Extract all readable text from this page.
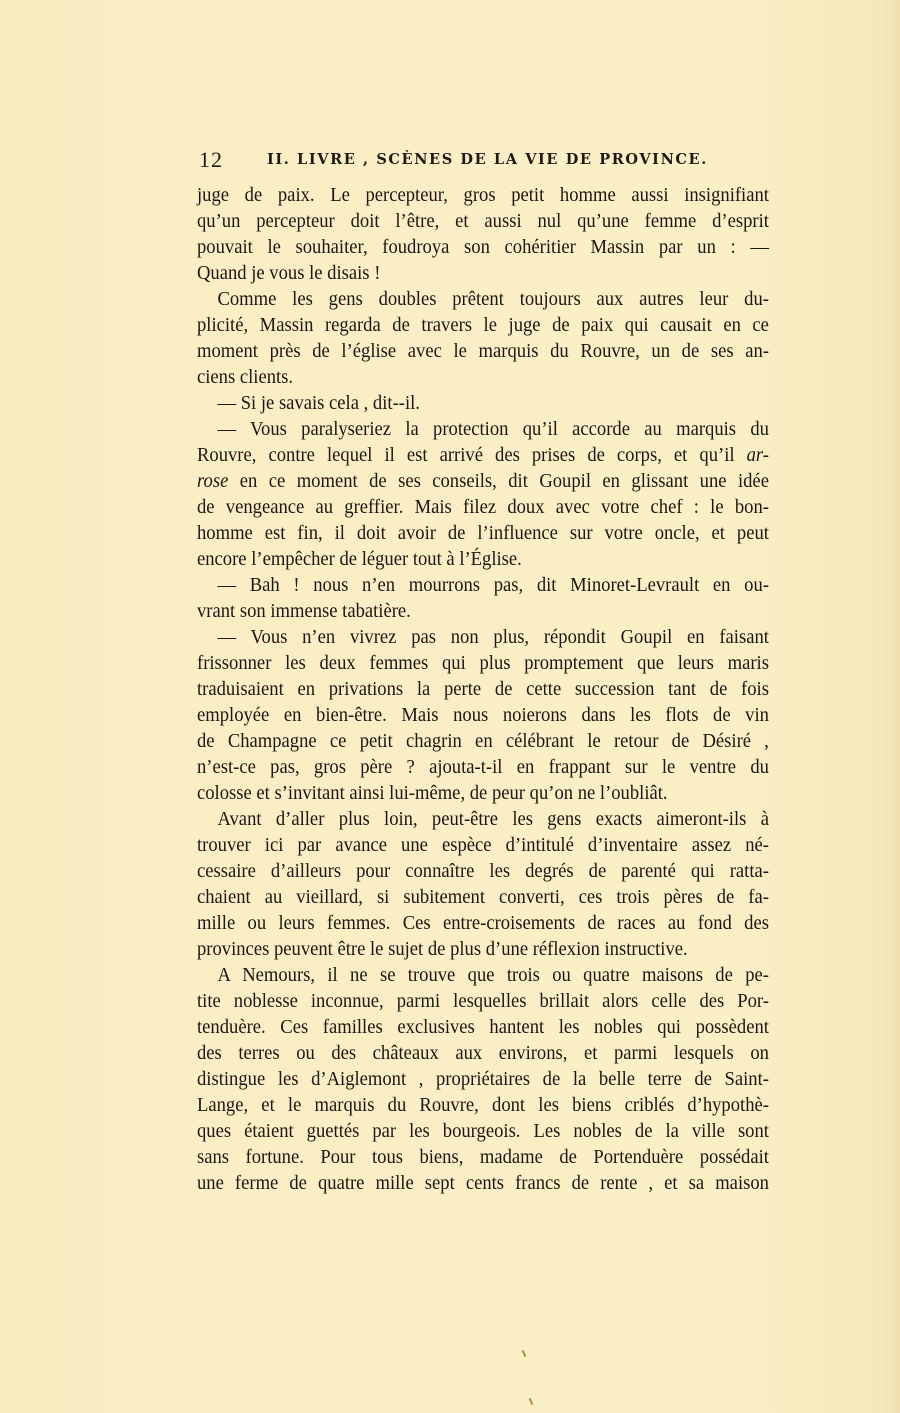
12	II. LIVRE , SCÈNES DE LA VIE DE PROVINCE.
juge de paix. Le percepteur, gros petit homme aussi insignifiant
qu’un percepteur doit l’être, et aussi nul qu’une femme d’esprit
pouvait le souhaiter, foudroya son cohéritier Massin par un : —
Quand je vous le disais !
Comme les gens doubles prêtent toujours aux autres leur du-
plicité, Massin regarda de travers le juge de paix qui causait en ce
moment près de l’église avec le marquis du Rouvre, un de ses an-
ciens clients.
— Si je savais cela , dit--il.
— Vous paralyseriez la protection qu’il accorde au marquis du
Rouvre, contre lequel il est arrivé des prises de corps, et qu’il ar-
rose en ce moment de ses conseils, dit Goupil en glissant une idée
de vengeance au greffier. Mais filez doux avec votre chef : le bon-
homme est fin, il doit avoir de l’influence sur votre oncle, et peut
encore l’empêcher de léguer tout à l’Église.
— Bah ! nous n’en mourrons pas, dit Minoret-Levrault en ou-
vrant son immense tabatière.
— Vous n’en vivrez pas non plus, répondit Goupil en faisant
frissonner les deux femmes qui plus promptement que leurs maris
traduisaient en privations la perte de cette succession tant de fois
employée en bien-être. Mais nous noierons dans les flots de vin
de Champagne ce petit chagrin en célébrant le retour de Désiré ,
n’est-ce pas, gros père ? ajouta-t-il en frappant sur le ventre du
colosse et s’invitant ainsi lui-même, de peur qu’on ne l’oubliât.
Avant d’aller plus loin, peut-être les gens exacts aimeront-ils à
trouver ici par avance une espèce d’intitulé d’inventaire assez né-
cessaire d’ailleurs pour connaître les degrés de parenté qui ratta-
chaient au vieillard, si subitement converti, ces trois pères de fa-
mille ou leurs femmes. Ces entre-croisements de races au fond des
provinces peuvent être le sujet de plus d’une réflexion instructive.
A Nemours, il ne se trouve que trois ou quatre maisons de pe-
tite noblesse inconnue, parmi lesquelles brillait alors celle des Por-
tenduère. Ces familles exclusives hantent les nobles qui possèdent
des terres ou des châteaux aux environs, et parmi lesquels on
distingue les d’Aiglemont , propriétaires de la belle terre de Saint-
Lange, et le marquis du Rouvre, dont les biens criblés d’hypothè-
ques étaient guettés par les bourgeois. Les nobles de la ville sont
sans fortune. Pour tous biens, madame de Portenduère possédait
une ferme de quatre mille sept cents francs de rente , et sa maison
